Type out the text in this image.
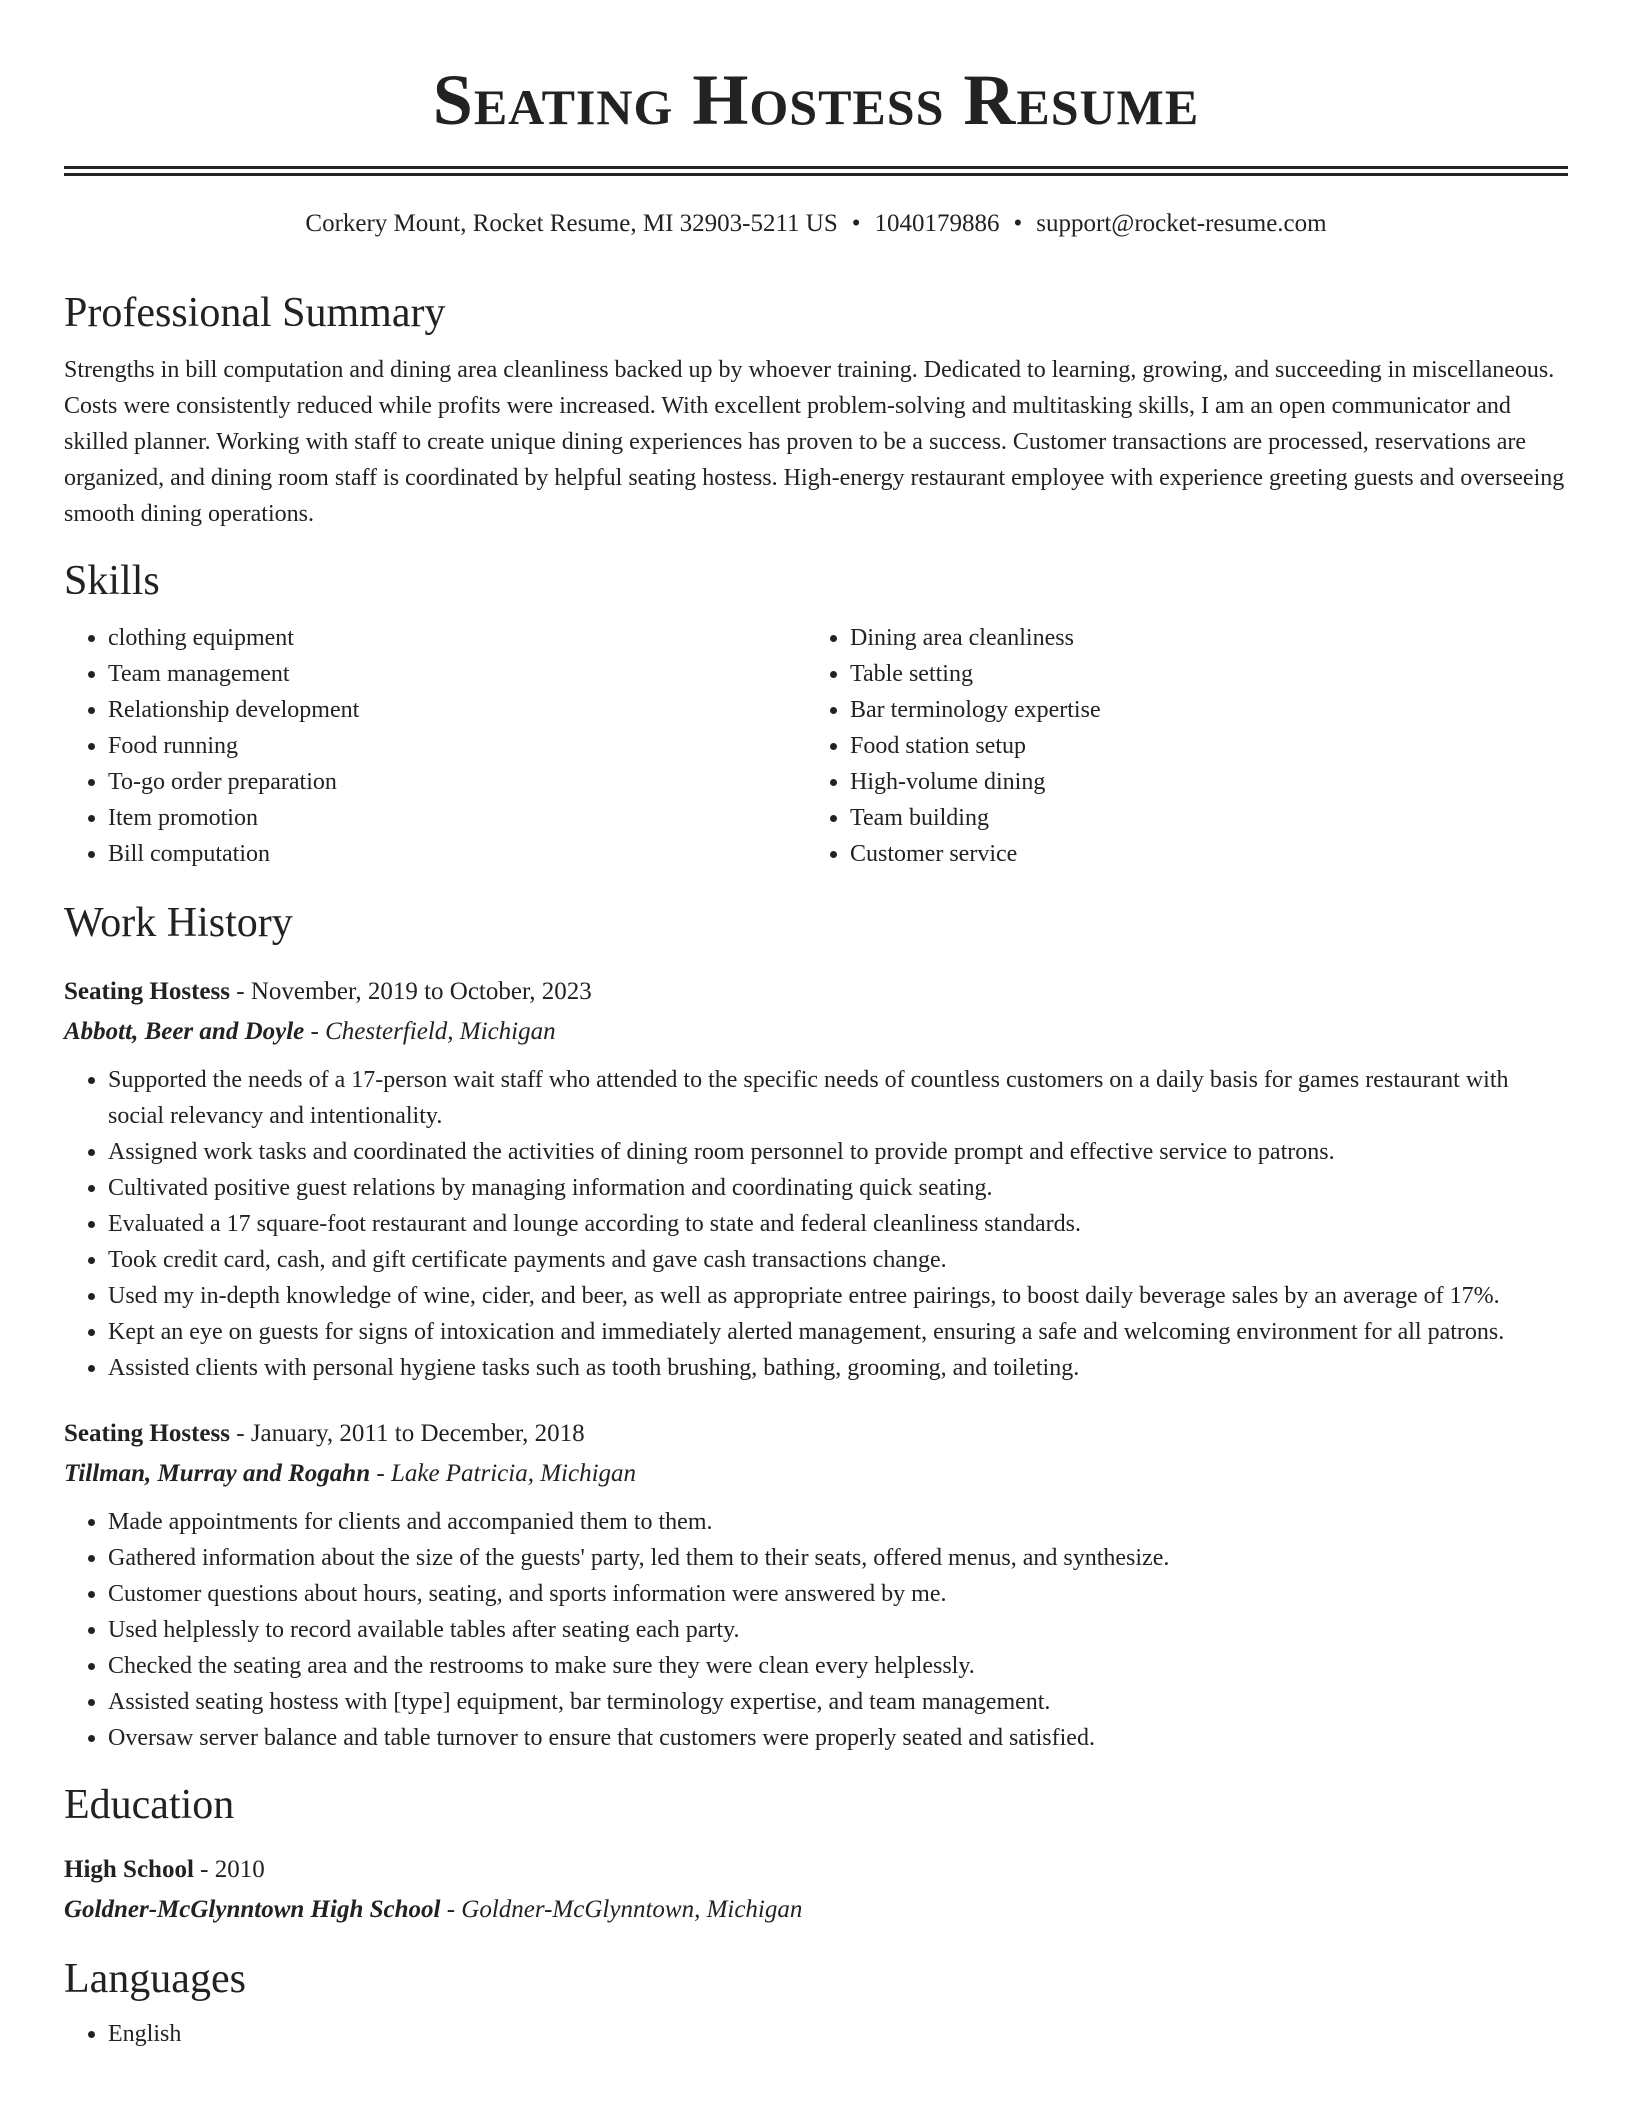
Seating Hostess Resume
Corkery Mount, Rocket Resume, MI 32903-5211 US • 1040179886 • support@rocket-resume.com
Professional Summary

Strengths in bill computation and dining area cleanliness backed up by whoever training. Dedicated to learning, growing, and succeeding in miscellaneous. Costs were consistently reduced while profits were increased. With excellent problem-solving and multitasking skills, I am an open communicator and skilled planner. Working with staff to create unique dining experiences has proven to be a success. Customer transactions are processed, reservations are organized, and dining room staff is coordinated by helpful seating hostess. High-energy restaurant employee with experience greeting guests and overseeing smooth dining operations.

Skills
• clothing equipment
• Team management
• Relationship development
• Food running
• To-go order preparation
• Item promotion
• Bill computation
• Dining area cleanliness
• Table setting
• Bar terminology expertise
• Food station setup
• High-volume dining
• Team building
• Customer service
Work History
Seating Hostess - November, 2019 to October, 2023
Abbott, Beer and Doyle - Chesterfield, Michigan
• Supported the needs of a 17-person wait staff who attended to the specific needs of countless customers on a daily basis for games restaurant with social relevancy and intentionality.
• Assigned work tasks and coordinated the activities of dining room personnel to provide prompt and effective service to patrons.
• Cultivated positive guest relations by managing information and coordinating quick seating.
• Evaluated a 17 square-foot restaurant and lounge according to state and federal cleanliness standards.
• Took credit card, cash, and gift certificate payments and gave cash transactions change.
• Used my in-depth knowledge of wine, cider, and beer, as well as appropriate entree pairings, to boost daily beverage sales by an average of 17%.
• Kept an eye on guests for signs of intoxication and immediately alerted management, ensuring a safe and welcoming environment for all patrons.
• Assisted clients with personal hygiene tasks such as tooth brushing, bathing, grooming, and toileting.
Seating Hostess - January, 2011 to December, 2018
Tillman, Murray and Rogahn - Lake Patricia, Michigan
• Made appointments for clients and accompanied them to them.
• Gathered information about the size of the guests' party, led them to their seats, offered menus, and synthesize.
• Customer questions about hours, seating, and sports information were answered by me.
• Used helplessly to record available tables after seating each party.
• Checked the seating area and the restrooms to make sure they were clean every helplessly.
• Assisted seating hostess with [type] equipment, bar terminology expertise, and team management.
• Oversaw server balance and table turnover to ensure that customers were properly seated and satisfied.
Education
High School - 2010
Goldner-McGlynntown High School - Goldner-McGlynntown, Michigan
Languages
• English
